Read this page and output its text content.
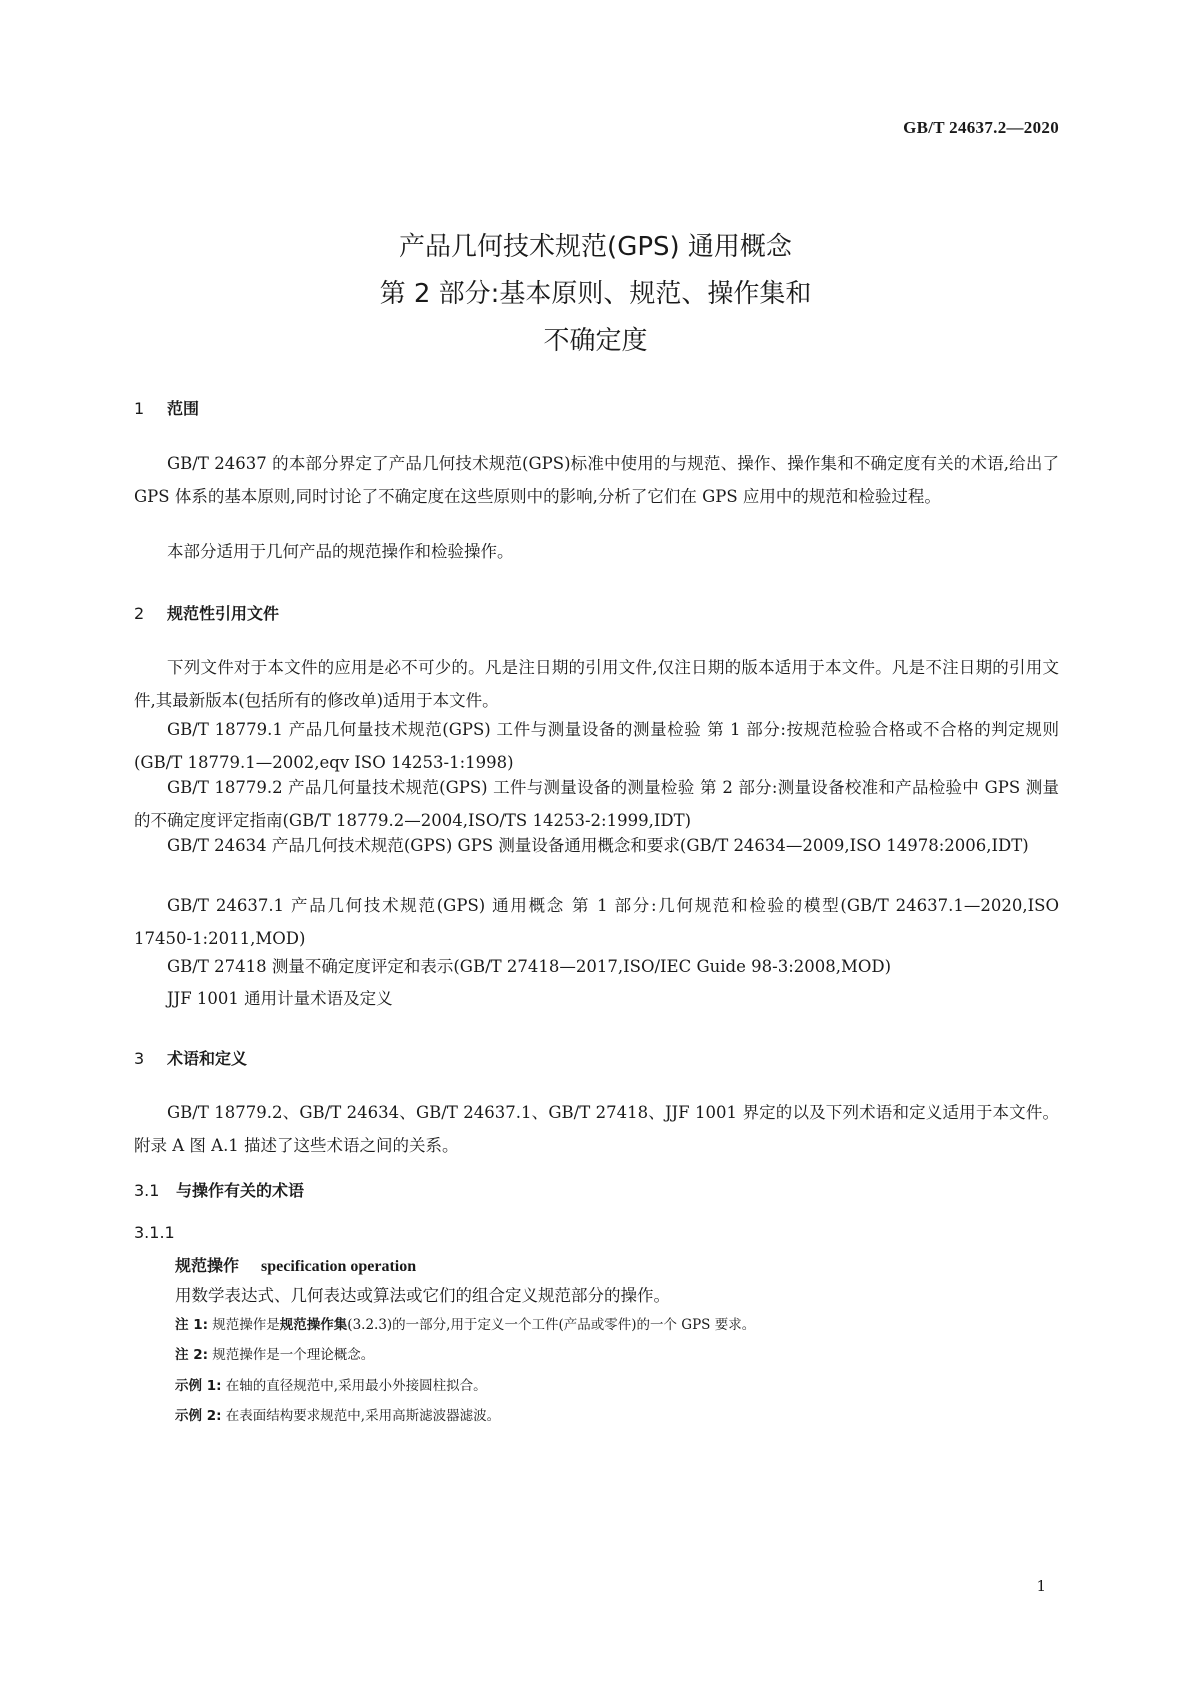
GB/T 24637.2—2020
产品几何技术规范(GPS) 通用概念
第 2 部分:基本原则、规范、操作集和
不确定度
1 范围
GB/T 24637 的本部分界定了产品几何技术规范(GPS)标准中使用的与规范、操作、操作集和不确定度有关的术语,给出了 GPS 体系的基本原则,同时讨论了不确定度在这些原则中的影响,分析了它们在 GPS 应用中的规范和检验过程。
本部分适用于几何产品的规范操作和检验操作。
2 规范性引用文件
下列文件对于本文件的应用是必不可少的。凡是注日期的引用文件,仅注日期的版本适用于本文件。凡是不注日期的引用文件,其最新版本(包括所有的修改单)适用于本文件。
GB/T 18779.1 产品几何量技术规范(GPS) 工件与测量设备的测量检验 第 1 部分:按规范检验合格或不合格的判定规则(GB/T 18779.1—2002,eqv ISO 14253-1:1998)
GB/T 18779.2 产品几何量技术规范(GPS) 工件与测量设备的测量检验 第 2 部分:测量设备校准和产品检验中 GPS 测量的不确定度评定指南(GB/T 18779.2—2004,ISO/TS 14253-2:1999,IDT)
GB/T 24634 产品几何技术规范(GPS) GPS 测量设备通用概念和要求(GB/T 24634—2009,ISO 14978:2006,IDT)
GB/T 24637.1 产品几何技术规范(GPS) 通用概念 第 1 部分:几何规范和检验的模型(GB/T 24637.1—2020,ISO 17450-1:2011,MOD)
GB/T 27418 测量不确定度评定和表示(GB/T 27418—2017,ISO/IEC Guide 98-3:2008,MOD)
JJF 1001 通用计量术语及定义
3 术语和定义
GB/T 18779.2、GB/T 24634、GB/T 24637.1、GB/T 27418、JJF 1001 界定的以及下列术语和定义适用于本文件。附录 A 图 A.1 描述了这些术语之间的关系。
3.1 与操作有关的术语
3.1.1
规范操作 specification operation
用数学表达式、几何表达或算法或它们的组合定义规范部分的操作。
注 1: 规范操作是规范操作集(3.2.3)的一部分,用于定义一个工件(产品或零件)的一个 GPS 要求。
注 2: 规范操作是一个理论概念。
示例 1: 在轴的直径规范中,采用最小外接圆柱拟合。
示例 2: 在表面结构要求规范中,采用高斯滤波器滤波。
1
